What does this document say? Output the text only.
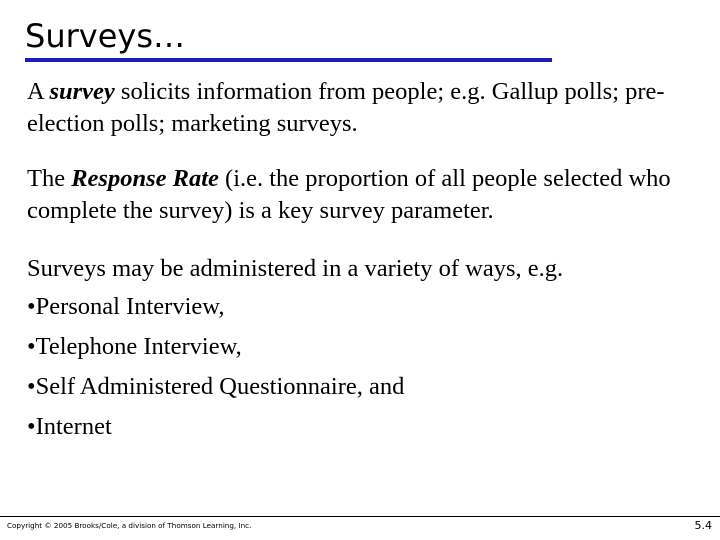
Surveys…

A survey solicits information from people; e.g. Gallup polls; pre-election polls; marketing surveys.

The Response Rate (i.e. the proportion of all people selected who complete the survey) is a key survey parameter.

Surveys may be administered in a variety of ways, e.g.

•Personal Interview,

•Telephone Interview,

•Self Administered Questionnaire, and

•Internet

Copyright © 2005 Brooks/Cole, a division of Thomson Learning, Inc.	5.4
